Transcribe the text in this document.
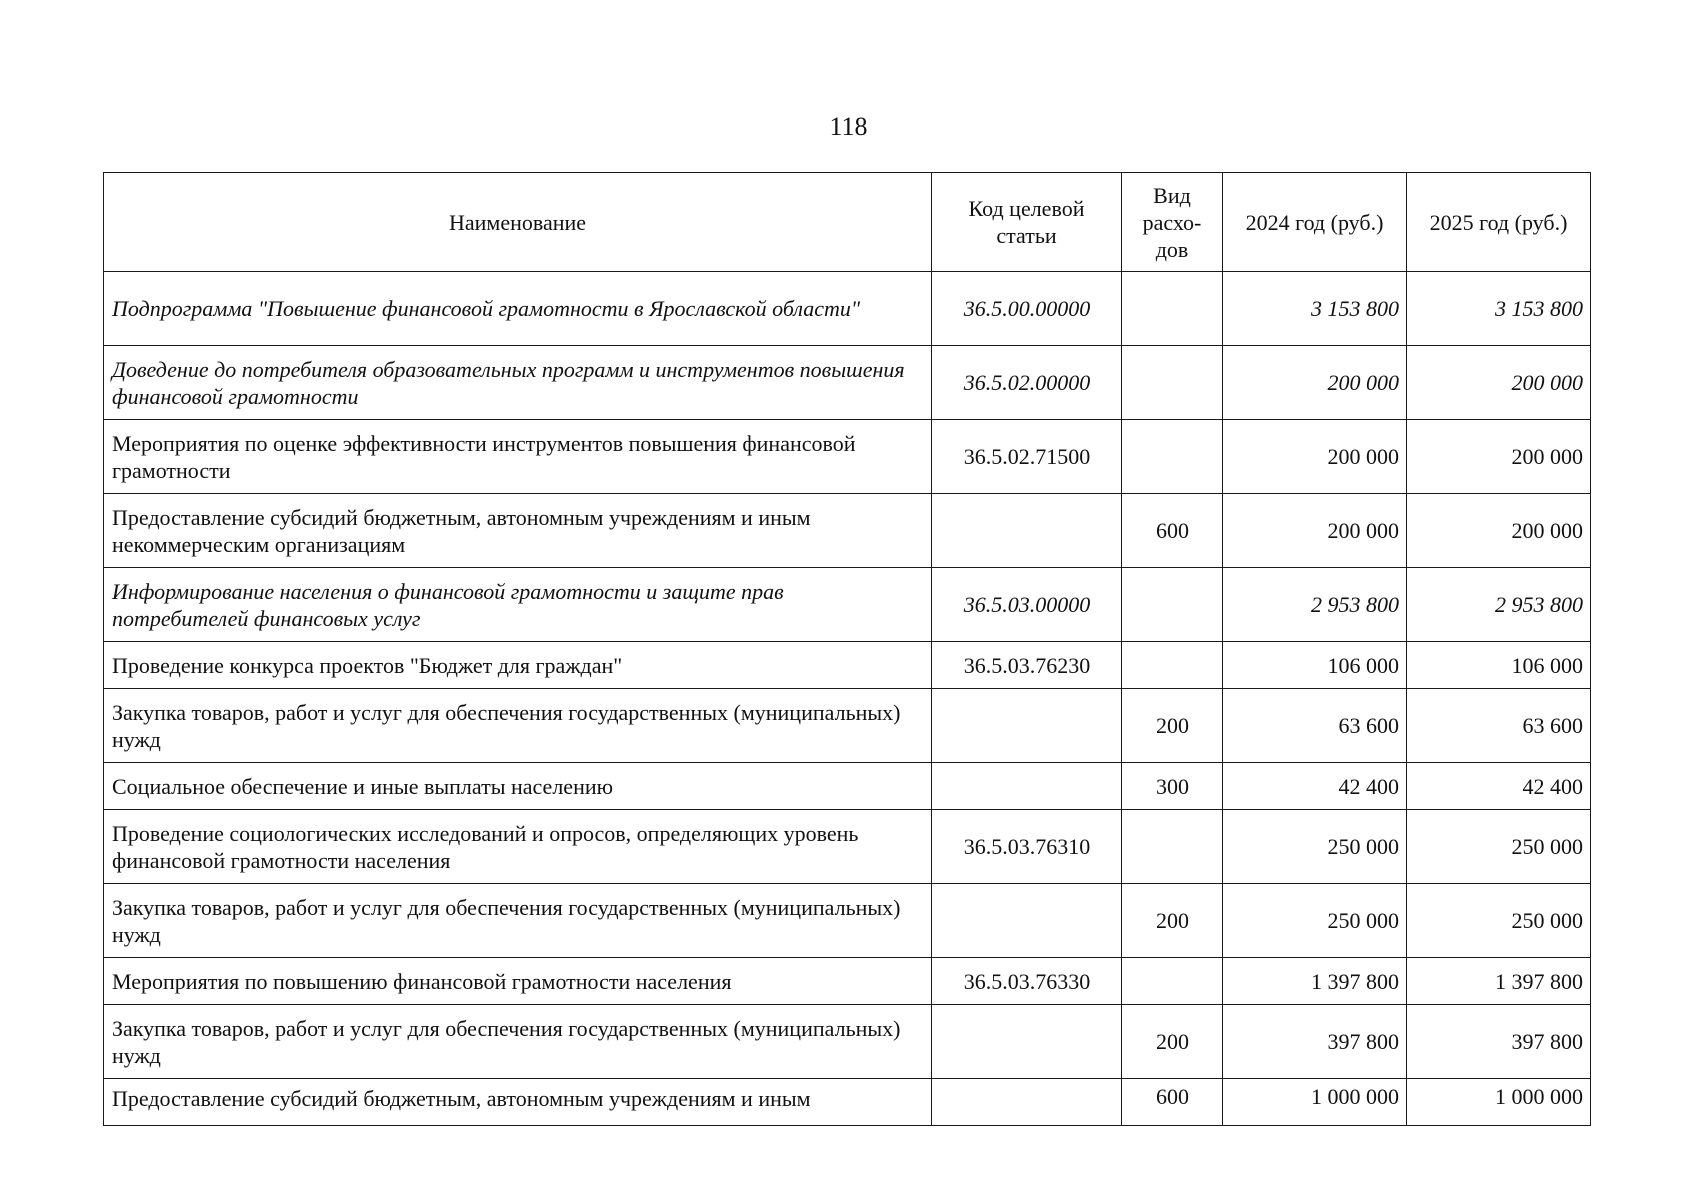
118
Наименование	Код целевой статьи	Вид расхо-дов	2024 год (руб.)	2025 год (руб.)
Подпрограмма "Повышение финансовой грамотности в Ярославской области"	36.5.00.00000		3 153 800	3 153 800
Доведение до потребителя образовательных программ и инструментов повышения финансовой грамотности	36.5.02.00000		200 000	200 000
Мероприятия по оценке эффективности инструментов повышения финансовой грамотности	36.5.02.71500		200 000	200 000
Предоставление субсидий бюджетным, автономным учреждениям и иным некоммерческим организациям		600	200 000	200 000
Информирование населения о финансовой грамотности и защите прав потребителей финансовых услуг	36.5.03.00000		2 953 800	2 953 800
Проведение конкурса проектов "Бюджет для граждан"	36.5.03.76230		106 000	106 000
Закупка товаров, работ и услуг для обеспечения государственных (муниципальных) нужд		200	63 600	63 600
Социальное обеспечение и иные выплаты населению		300	42 400	42 400
Проведение социологических исследований и опросов, определяющих уровень финансовой грамотности населения	36.5.03.76310		250 000	250 000
Закупка товаров, работ и услуг для обеспечения государственных (муниципальных) нужд		200	250 000	250 000
Мероприятия по повышению финансовой грамотности населения	36.5.03.76330		1 397 800	1 397 800
Закупка товаров, работ и услуг для обеспечения государственных (муниципальных) нужд		200	397 800	397 800
Предоставление субсидий бюджетным, автономным учреждениям и иным		600	1 000 000	1 000 000
